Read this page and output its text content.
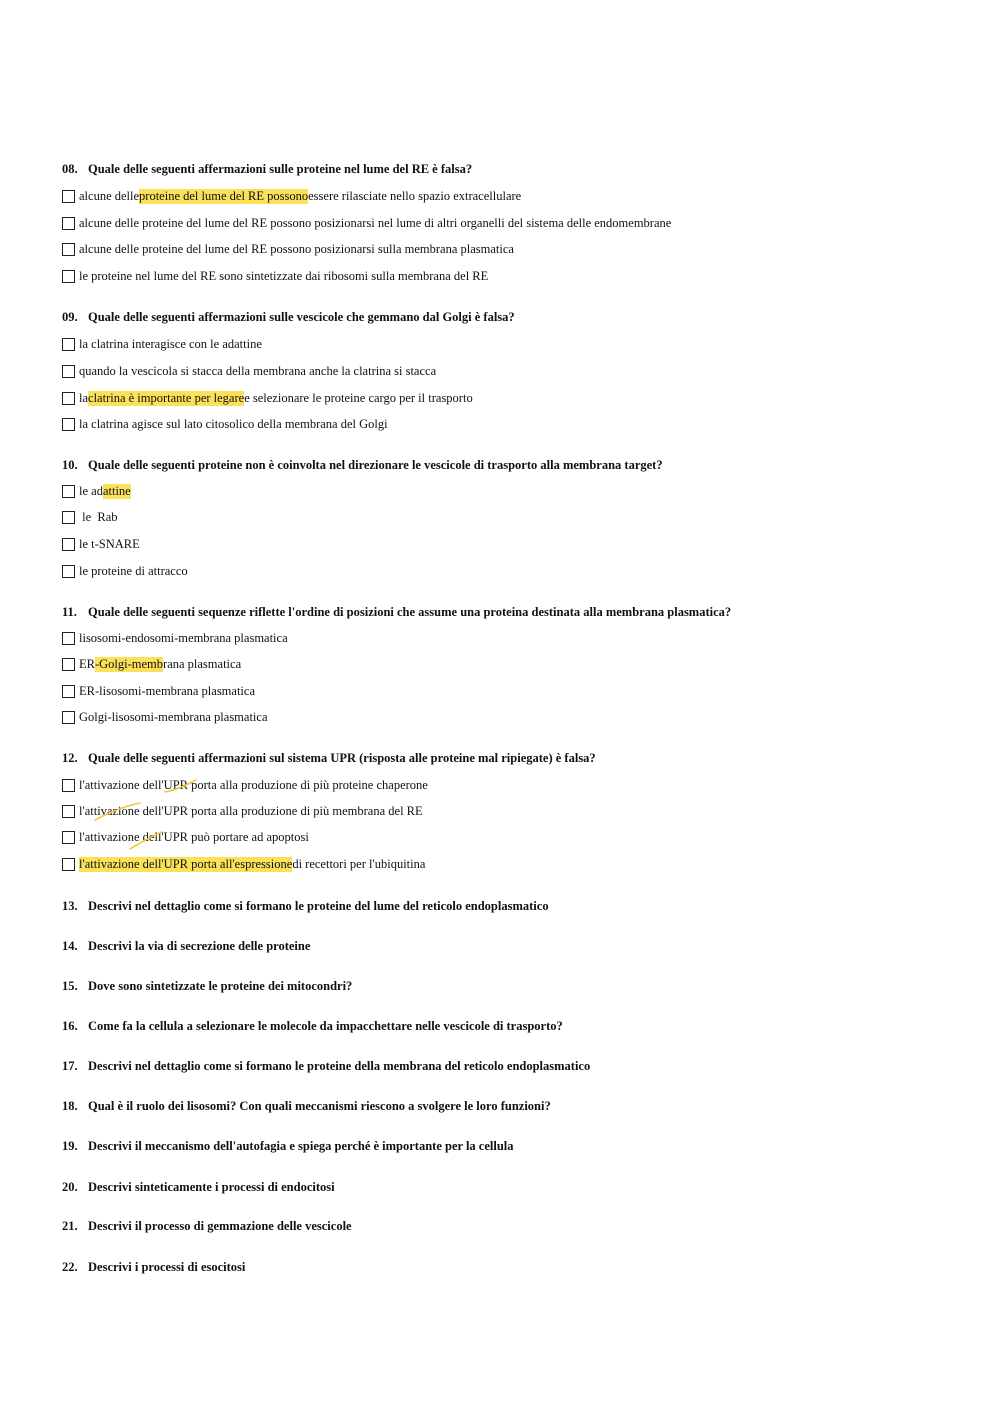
08. Quale delle seguenti affermazioni sulle proteine nel lume del RE è falsa?
alcune delle proteine del lume del RE possono essere rilasciate nello spazio extracellulare
alcune delle proteine del lume del RE possono posizionarsi nel lume di altri organelli del sistema delle endomembrane
alcune delle proteine del lume del RE possono posizionarsi sulla membrana plasmatica
le proteine nel lume del RE sono sintetizzate dai ribosomi sulla membrana del RE
09. Quale delle seguenti affermazioni sulle vescicole che gemmano dal Golgi è falsa?
la clatrina interagisce con le adattine
quando la vescicola si stacca della membrana anche la clatrina si stacca
la clatrina è importante per legare e selezionare le proteine cargo per il trasporto
la clatrina agisce sul lato citosolico della membrana del Golgi
10. Quale delle seguenti proteine non è coinvolta nel direzionare le vescicole di trasporto alla membrana target?
le ad attine
le  Rab
le t-SNARE
le proteine di attracco
11. Quale delle seguenti sequenze riflette l'ordine di posizioni che assume una proteina destinata alla membrana plasmatica?
lisosomi-endosomi-membrana plasmatica
ER -Golgi-memb rana plasmatica
ER-lisosomi-membrana plasmatica
Golgi-lisosomi-membrana plasmatica
12. Quale delle seguenti affermazioni sul sistema UPR (risposta alle proteine mal ripiegate) è falsa?
l'attivazione dell'UPR porta alla produzione di più proteine chaperone
l'attivazione dell'UPR porta alla produzione di più membrana del RE
l'attivazione dell'UPR può portare ad apoptosi
l'attivazione dell'UPR porta all'espressione di recettori per l'ubiquitina
13. Descrivi nel dettaglio come si formano le proteine del lume del reticolo endoplasmatico
14. Descrivi la via di secrezione delle proteine
15. Dove sono sintetizzate le proteine dei mitocondri?
16. Come fa la cellula a selezionare le molecole da impacchettare nelle vescicole di trasporto?
17. Descrivi nel dettaglio come si formano le proteine della membrana del reticolo endoplasmatico
18. Qual è il ruolo dei lisosomi? Con quali meccanismi riescono a svolgere le loro funzioni?
19. Descrivi il meccanismo dell'autofagia e spiega perché è importante per la cellula
20. Descrivi sinteticamente i processi di endocitosi
21. Descrivi il processo di gemmazione delle vescicole
22. Descrivi i processi di esocitosi
